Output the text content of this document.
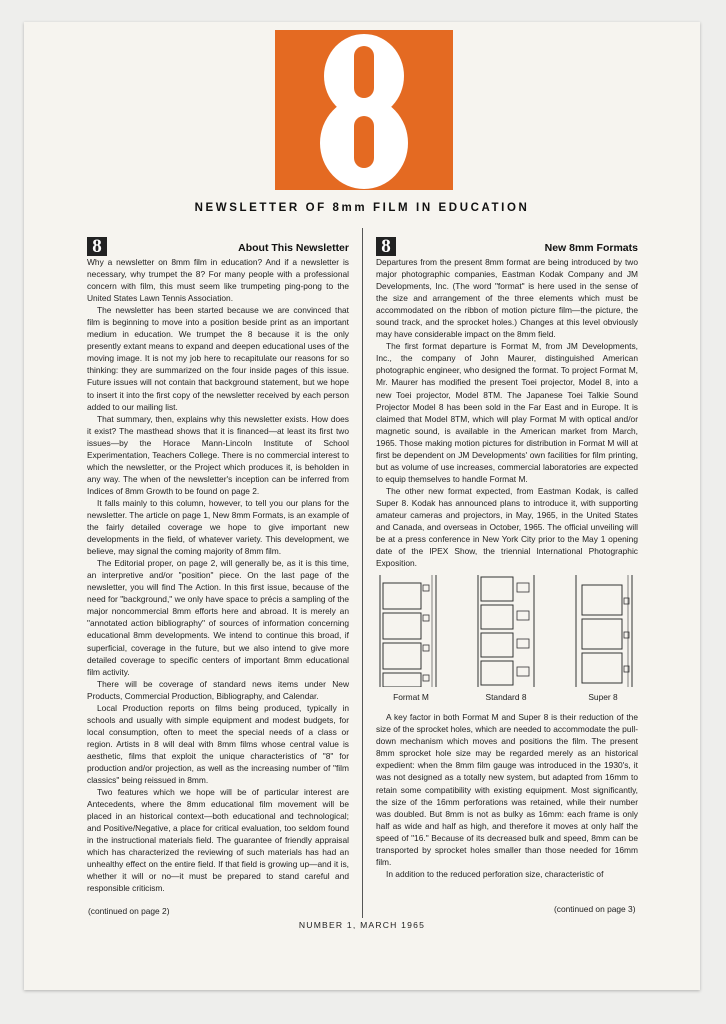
NEWSLETTER OF 8mm FILM IN EDUCATION
8	About This Newsletter

Why a newsletter on 8mm film in education? And if a newsletter is necessary, why trumpet the 8? For many people with a professional concern with film, this must seem like trumpeting ping-pong to the United States Lawn Tennis Association.

The newsletter has been started because we are convinced that film is beginning to move into a position beside print as an important medium in education. We trumpet the 8 because it is the only presently extant means to expand and deepen educational uses of the moving image. It is not my job here to recapitulate our reasons for so thinking: they are summarized on the four inside pages of this issue. Future issues will not contain that background statement, but we hope to insert it into the first copy of the newsletter received by each person added to our mailing list.

That summary, then, explains why this newsletter exists. How does it exist? The masthead shows that it is financed—at least its first two issues—by the Horace Mann-Lincoln Institute of School Experimentation, Teachers College. There is no commercial interest to which the newsletter, or the Project which produces it, is beholden in any way. The when of the newsletter's inception can be inferred from Indices of 8mm Growth to be found on page 2.

It falls mainly to this column, however, to tell you our plans for the newsletter. The article on page 1, New 8mm Formats, is an example of the fairly detailed coverage we hope to give important new developments in the field, of whatever variety. This development, we believe, may signal the coming majority of 8mm film.

The Editorial proper, on page 2, will generally be, as it is this time, an interpretive and/or "position" piece. On the last page of the newsletter, you will find The Action. In this first issue, because of the need for "background," we only have space to précis a sampling of the major noncommercial 8mm efforts here and abroad. It is merely an "annotated action bibliography" of sources of information concerning educational 8mm developments. We intend to continue this broad, if superficial, coverage in the future, but we also intend to give more detailed coverage to specific centers of important 8mm educational film activity.

There will be coverage of standard news items under New Products, Commercial Production, Bibliography, and Calendar.

Local Production reports on films being produced, typically in schools and usually with simple equipment and modest budgets, for local consumption, often to meet the special needs of a class or region. Artists in 8 will deal with 8mm films whose central value is aesthetic, films that exploit the unique characteristics of "8" for production and/or projection, as well as the increasing number of "film classics" being reissued in 8mm.

Two features which we hope will be of particular interest are Antecedents, where the 8mm educational film movement will be placed in an historical context—both educational and technological; and Positive/Negative, a place for critical evaluation, too seldom found in the instructional materials field. The guarantee of friendly appraisal which has characterized the reviewing of such materials has had an unhealthy effect on the entire field. If that field is growing up—and it is, whether it will or no—it must be prepared to stand careful and responsible criticism.

(continued on page 2)
8	New 8mm Formats

Departures from the present 8mm format are being introduced by two major photographic companies, Eastman Kodak Company and JM Developments, Inc. (The word "format" is here used in the sense of the size and arrangement of the three elements which must be accommodated on the ribbon of motion picture film—the picture, the sound track, and the sprocket holes.) Changes at this level obviously may have considerable impact on the 8mm field.

The first format departure is Format M, from JM Developments, Inc., the company of John Maurer, distinguished American photographic engineer, who designed the format. To project Format M, Mr. Maurer has modified the present Toei projector, Model 8, into a new Toei projector, Model 8TM. The Japanese Toei Talkie Sound Projector Model 8 has been sold in the Far East and in Europe. It is claimed that Model 8TM, which will play Format M with optical and/or magnetic sound, is available in the American market from March, 1965. Those making motion pictures for distribution in Format M will at first be dependent on JM Developments' own facilities for film printing, but as volume of use increases, commercial laboratories are expected to equip themselves to handle Format M.

The other new format expected, from Eastman Kodak, is called Super 8. Kodak has announced plans to introduce it, with supporting amateur cameras and projectors, in May, 1965, in the United States and Canada, and overseas in October, 1965. The official unveiling will be at a press conference in New York City prior to the May 1 opening date of the IPEX Show, the triennial International Photographic Exposition.

Format M	Standard 8	Super 8

A key factor in both Format M and Super 8 is their reduction of the size of the sprocket holes, which are needed to accommodate the pull-down mechanism which moves and positions the film. The present 8mm sprocket hole size may be regarded merely as an historical expedient: when the 8mm film gauge was introduced in the 1930's, it was not designed as a totally new system, but adapted from 16mm to retain some compatibility with existing equipment. Most significantly, the size of the 16mm perforations was retained, while their number was doubled. But 8mm is not as bulky as 16mm: each frame is only half as wide and half as high, and therefore it moves at only half the speed of "16." Because of its decreased bulk and speed, 8mm can be transported by sprocket holes smaller than those needed for 16mm film.

In addition to the reduced perforation size, characteristic of

(continued on page 3)
NUMBER 1, MARCH 1965
